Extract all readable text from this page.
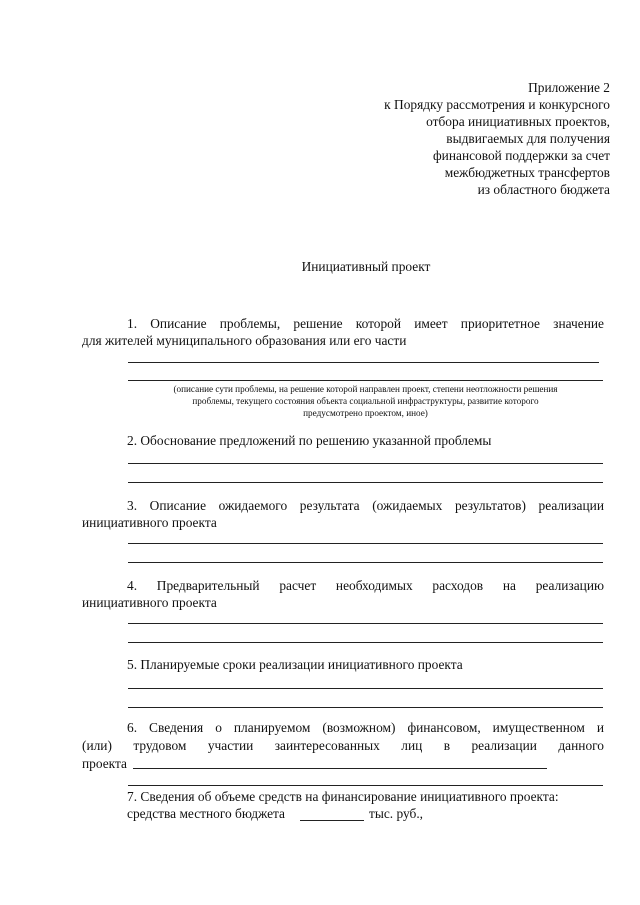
Приложение 2
к Порядку рассмотрения и конкурсного
отбора инициативных проектов,
выдвигаемых для получения
финансовой поддержки за счет
межбюджетных трансфертов
из областного бюджета
Инициативный проект
1. Описание проблемы, решение которой имеет приоритетное значение
для жителей муниципального образования или его части
(описание сути проблемы, на решение которой направлен проект, степени неотложности решения
проблемы, текущего состояния объекта социальной инфраструктуры, развитие которого
предусмотрено проектом, иное)
2. Обоснование предложений по решению указанной проблемы
3. Описание ожидаемого результата (ожидаемых результатов) реализации
инициативного проекта
4. Предварительный расчет необходимых расходов на реализацию
инициативного проекта
5. Планируемые сроки реализации инициативного проекта
6. Сведения о планируемом (возможном) финансовом, имущественном и
(или) трудовом участии заинтересованных лиц в реализации данного
проекта
7. Сведения об объеме средств на финансирование инициативного проекта:
средства местного бюджета	тыс. руб.,
